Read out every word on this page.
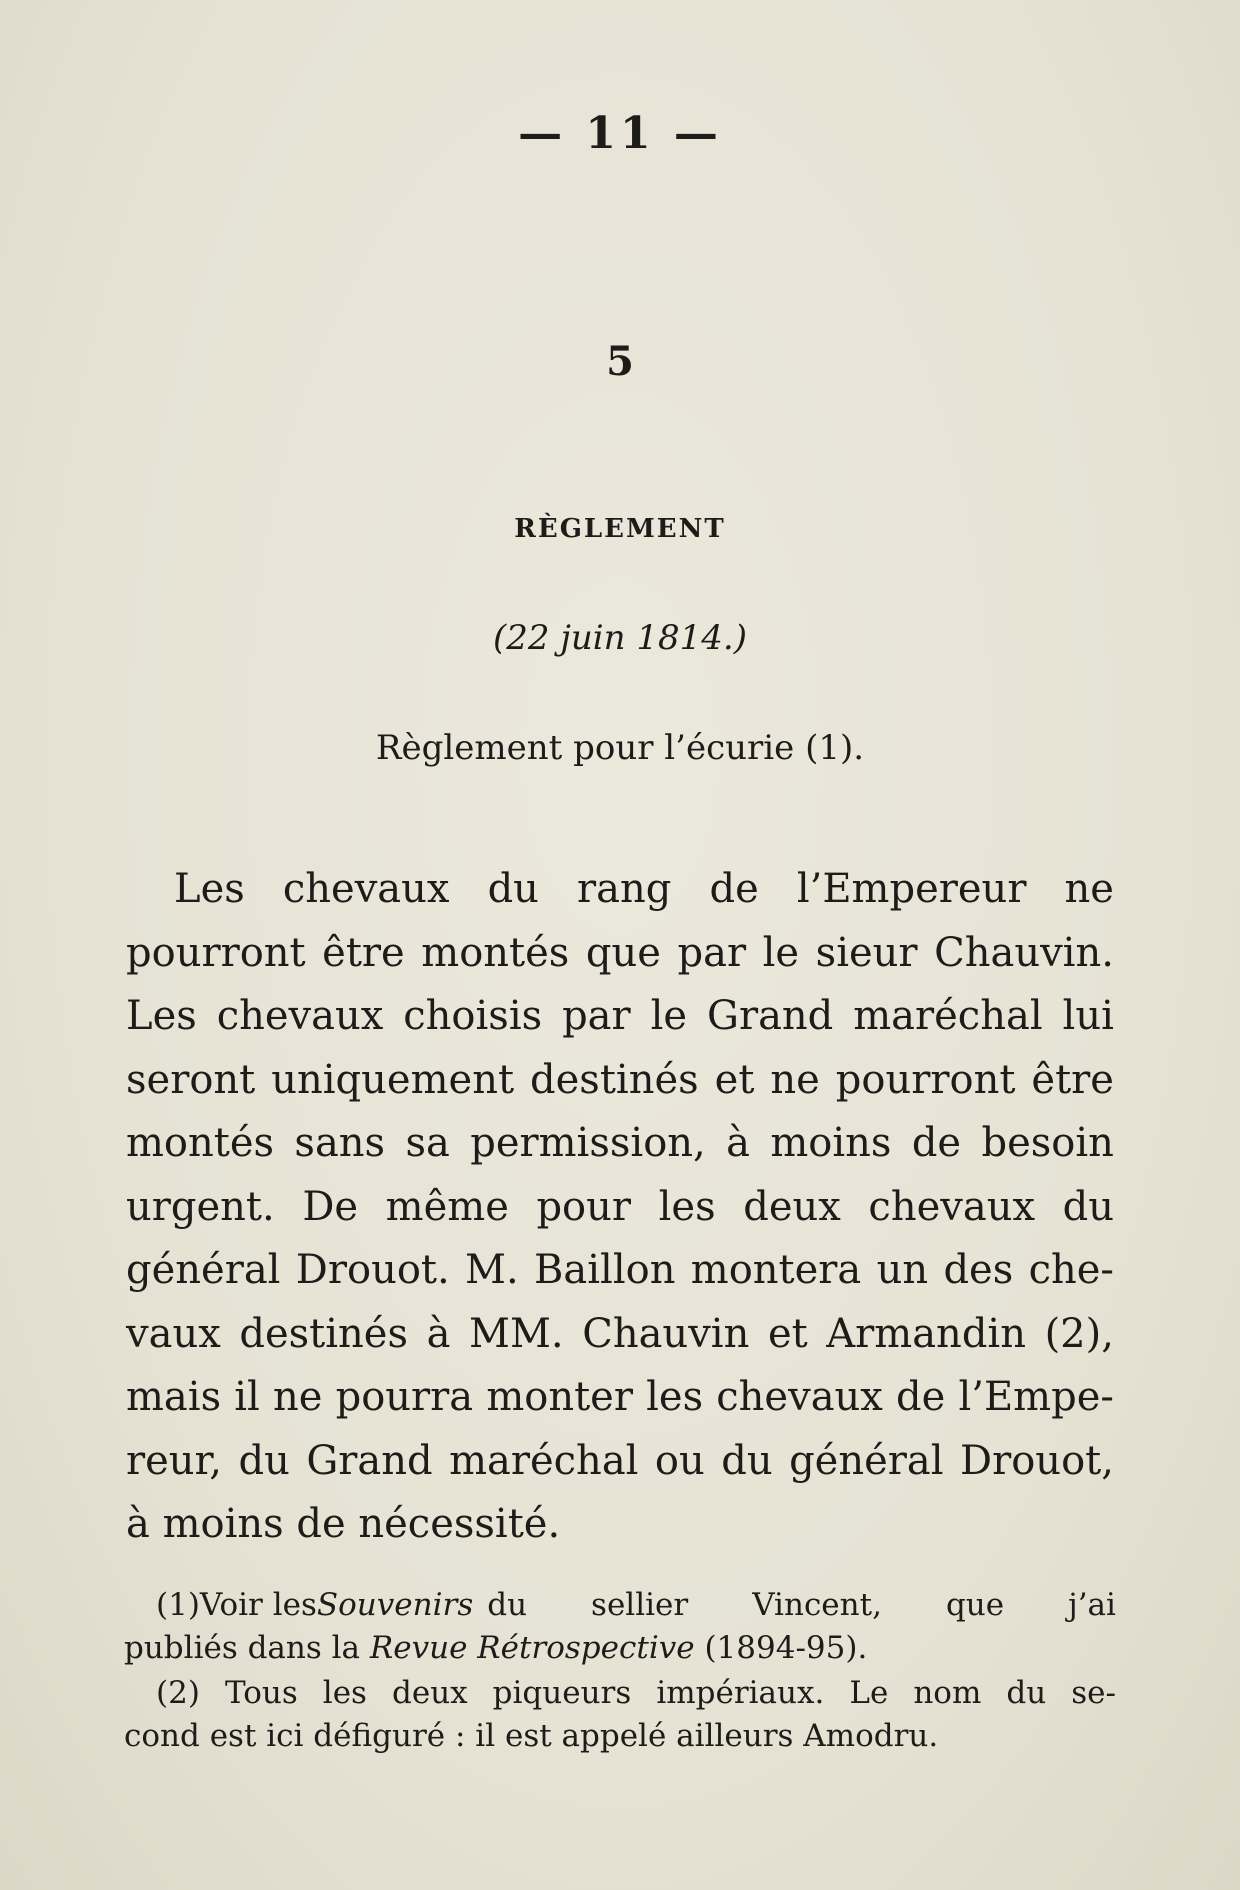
— 11 —
5
RÈGLEMENT
(22 juin 1814.)
Règlement pour l’écurie (1).
Les chevaux du rang de l’Empereur ne
pourront être montés que par le sieur Chauvin.
Les chevaux choisis par le Grand maréchal lui
seront uniquement destinés et ne pourront être
montés sans sa permission, à moins de besoin
urgent. De même pour les deux chevaux du
général Drouot. M. Baillon montera un des che-
vaux destinés à MM. Chauvin et Armandin (2),
mais il ne pourra monter les chevaux de l’Empe-
reur, du Grand maréchal ou du général Drouot,
à moins de nécessité.
(1) Voir les Souvenirs du sellier Vincent, que j’ai
publiés dans la
Revue Rétrospective
(1894-95).
(2) Tous les deux piqueurs impériaux. Le nom du se-
cond est ici défiguré : il est appelé ailleurs Amodru.
